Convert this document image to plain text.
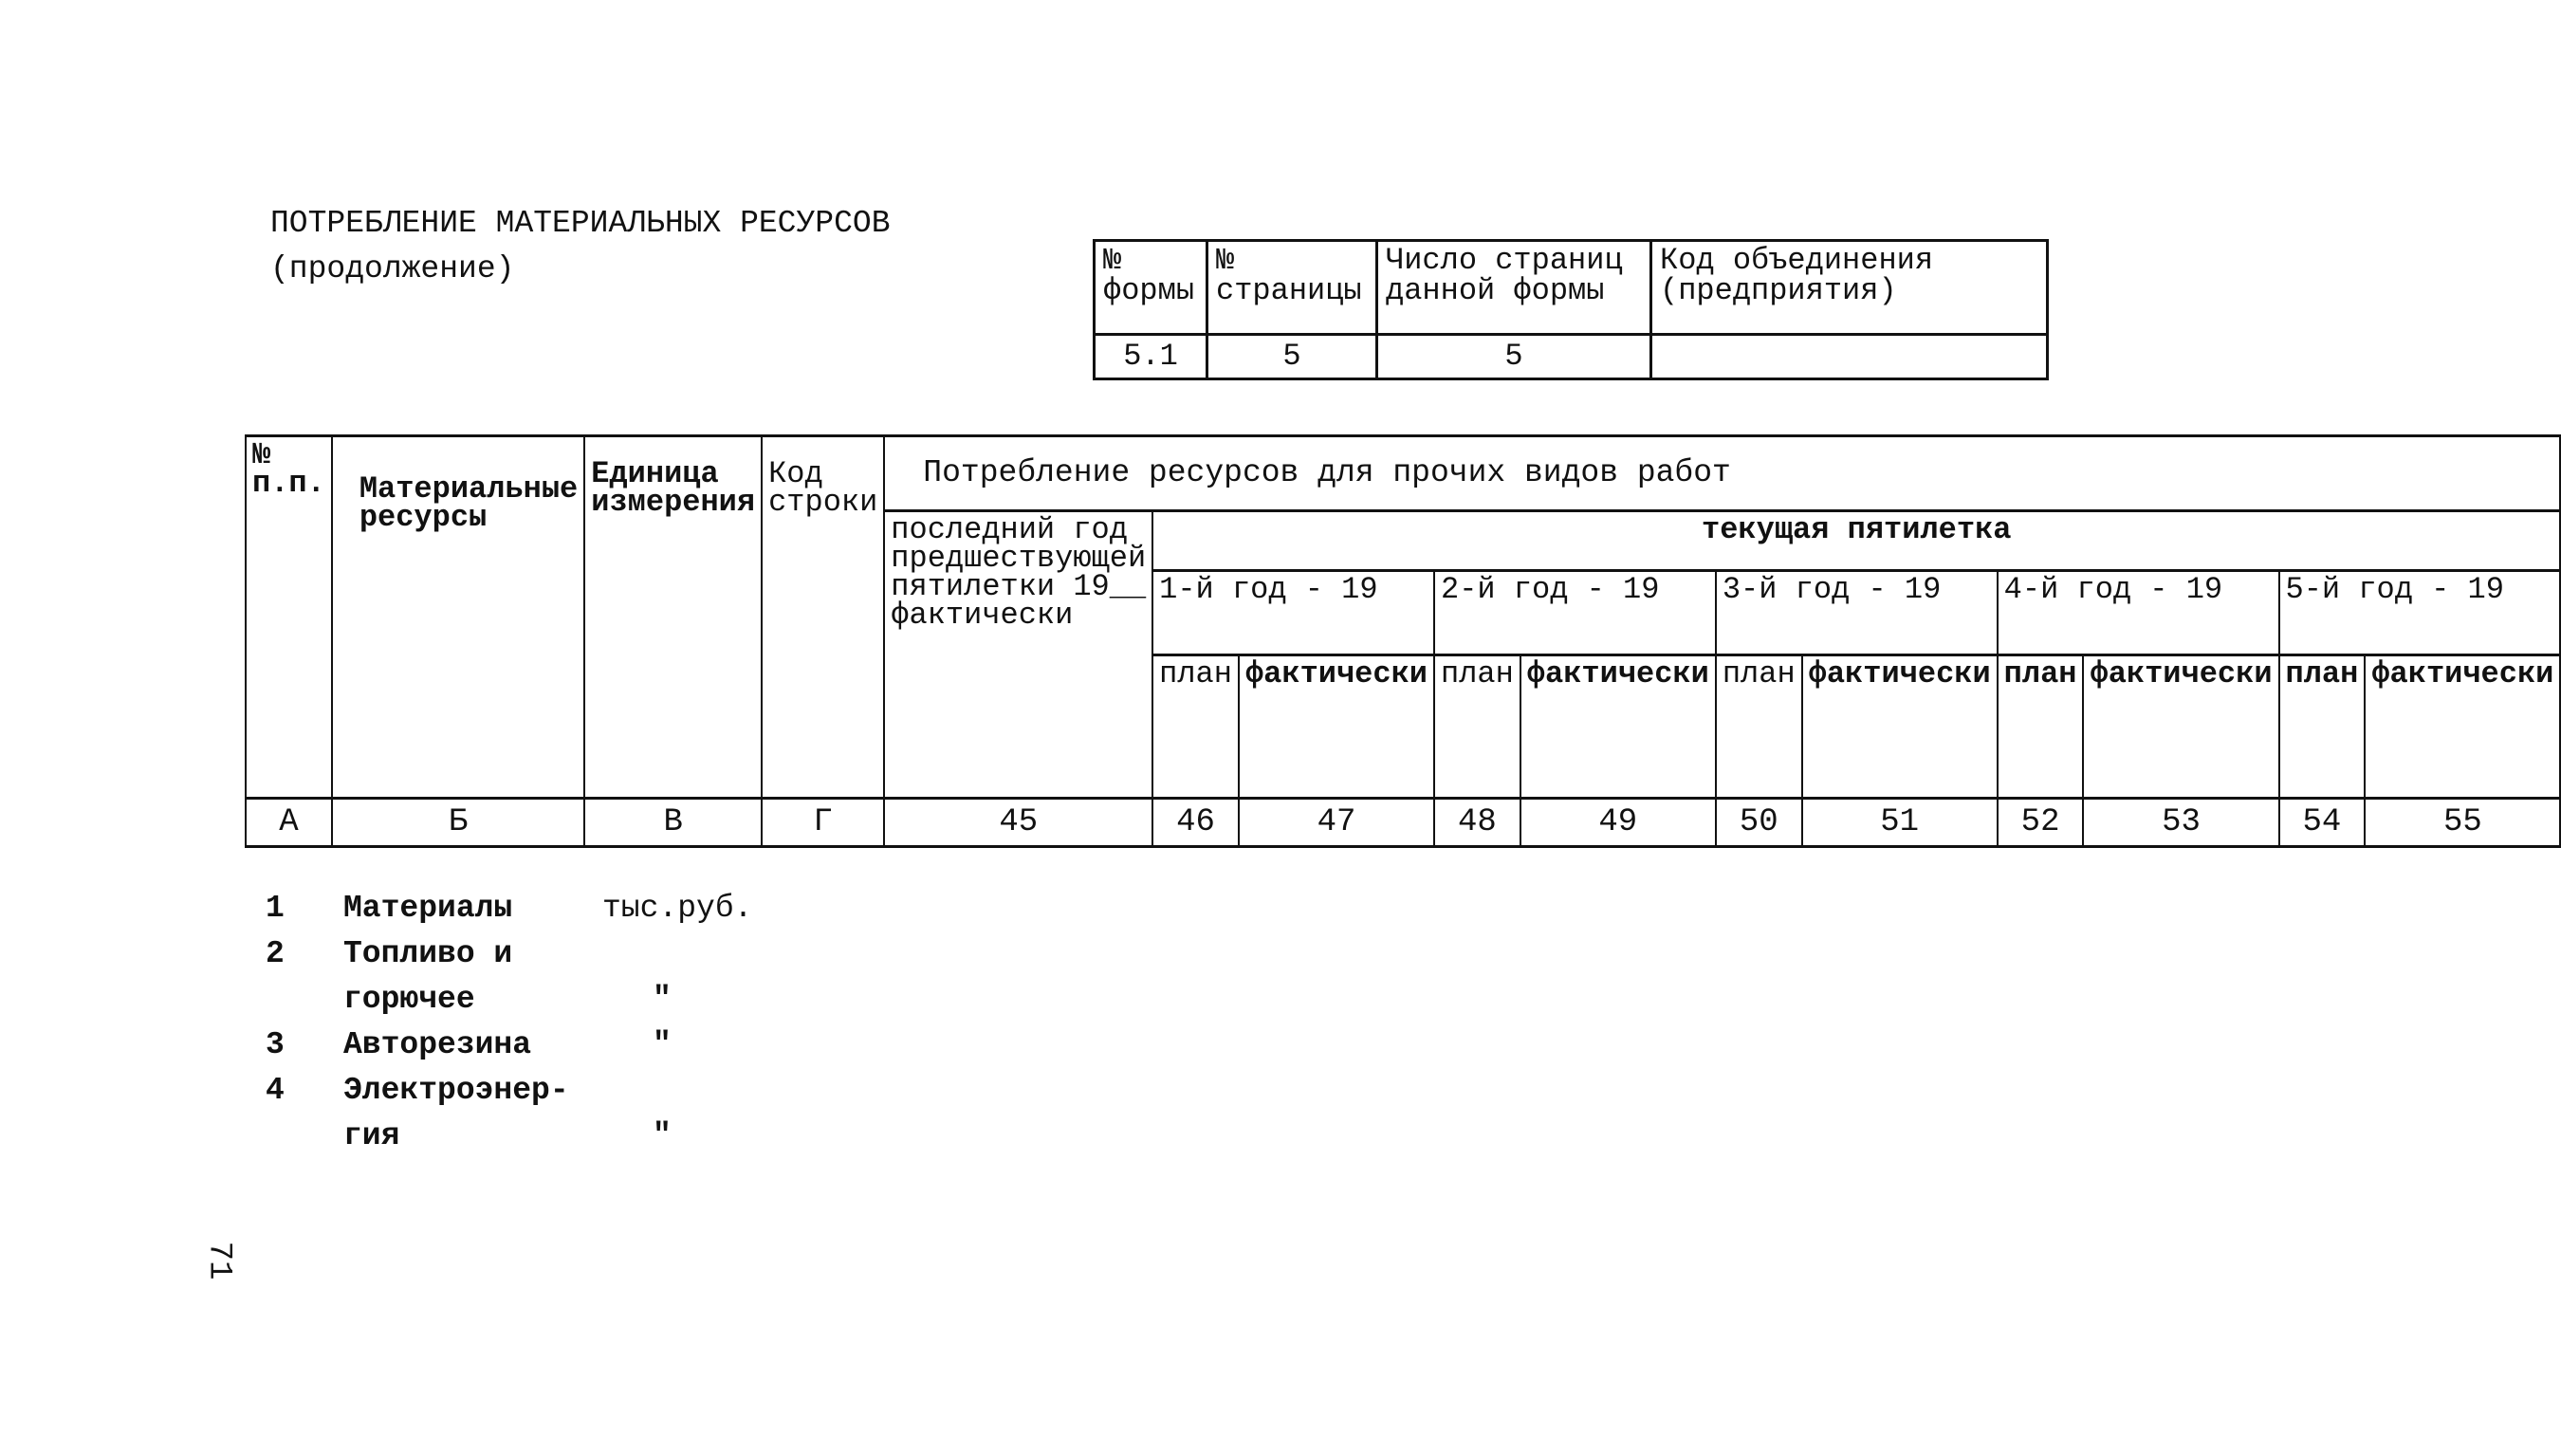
ПОТРЕБЛЕНИЕ МАТЕРИАЛЬНЫХ РЕСУРСОВ
(продолжение)	№ формы	№ страницы	Число страниц данной формы	Код объединения (предприятия)
5.1	5	5	
№ п.п.	Материальные ресурсы	Единица измерения	Код строки	Потребление ресурсов для прочих видов работ										
				последний год предшествующей пятилетки 19__ фактически	текущая пятилетка									
					1-й год - 19		2-й год - 19		3-й год - 19		4-й год - 19		5-й год - 19	
					план	фактически	план	фактически	план	фактически	план	фактически	план	фактически
А	Б	В	Г	45	46	47	48	49	50	51	52	53	54	55
1	Материалы	тыс.руб.
2	Топливо и
горючее	"
3	Авторезина	"
4	Электроэнер-
гия	"
71
